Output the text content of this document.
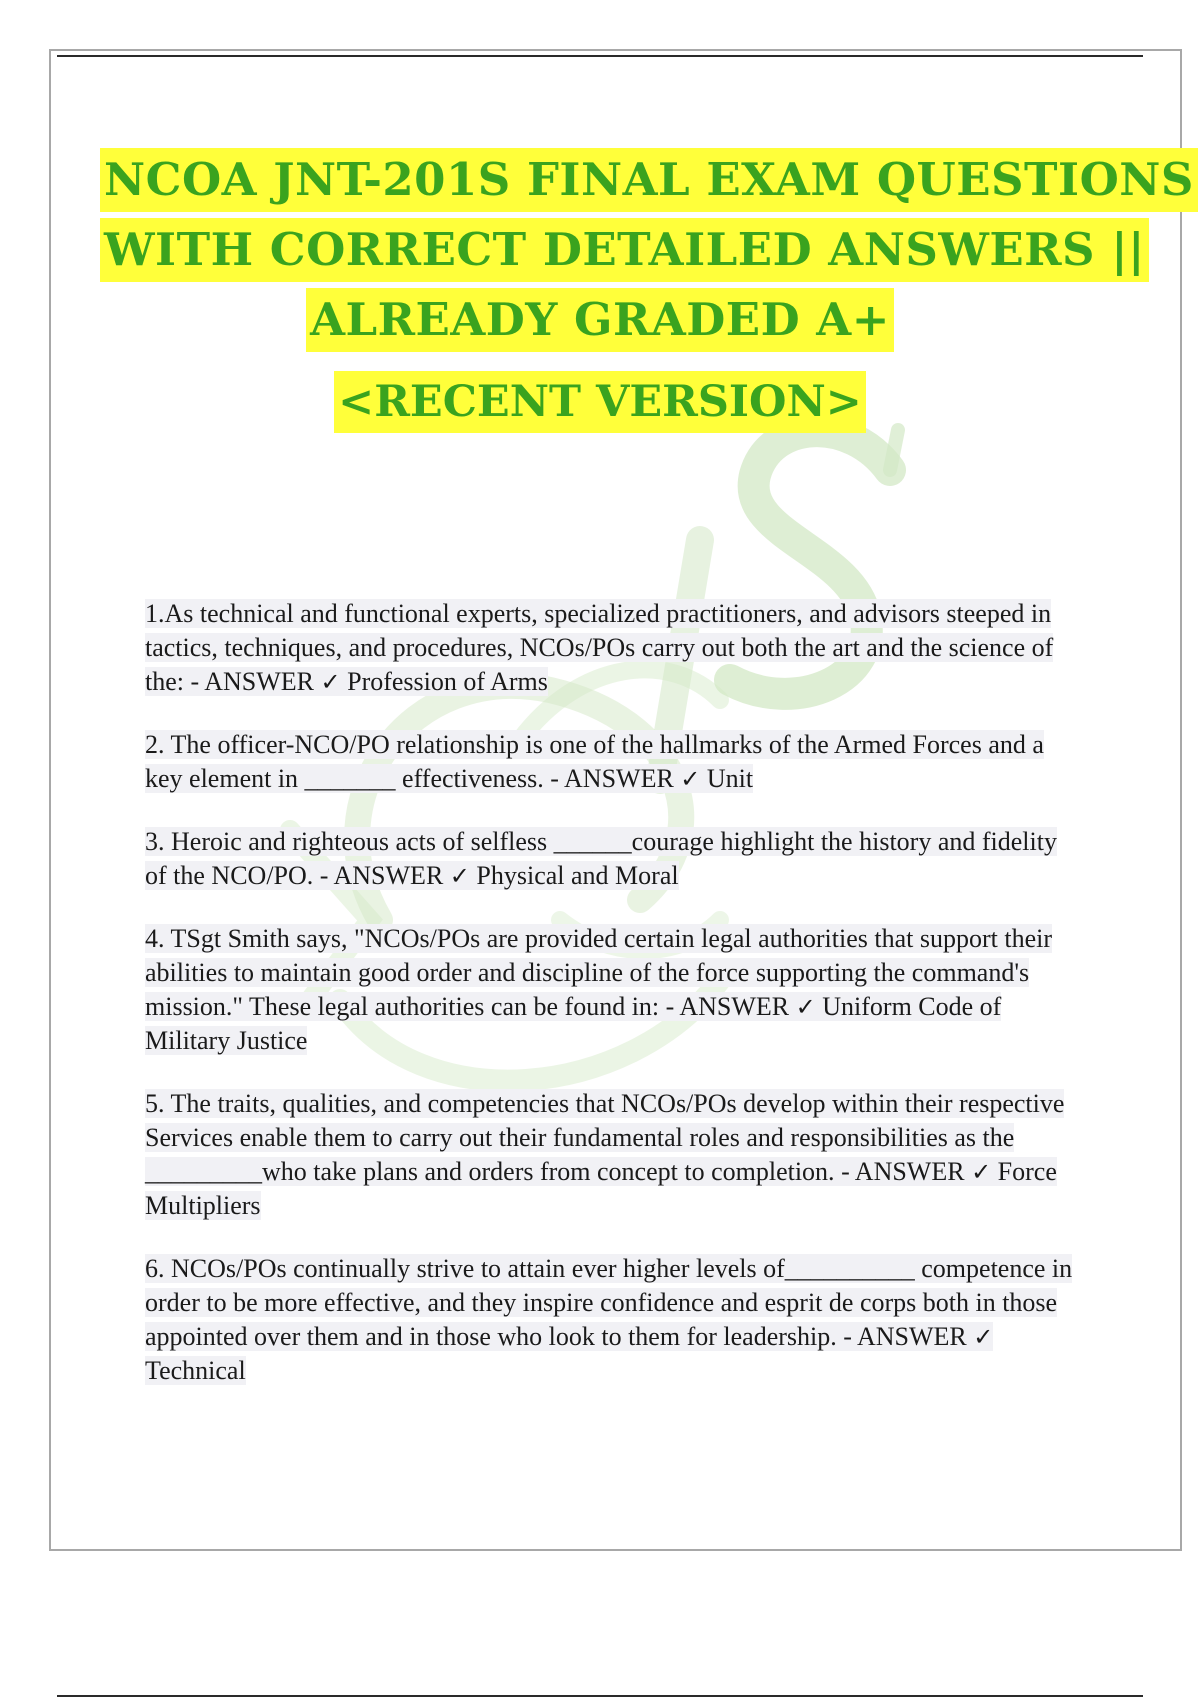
NCOA JNT-201S FINAL EXAM QUESTIONS
WITH CORRECT DETAILED ANSWERS ||
ALREADY GRADED A+
<RECENT VERSION>

1.As technical and functional experts, specialized practitioners, and advisors steeped in tactics, techniques, and procedures, NCOs/POs carry out both the art and the science of the: - ANSWER ✓ Profession of Arms

2. The officer-NCO/PO relationship is one of the hallmarks of the Armed Forces and a key element in _______ effectiveness. - ANSWER ✓ Unit

3. Heroic and righteous acts of selfless ______courage highlight the history and fidelity of the NCO/PO. - ANSWER ✓ Physical and Moral

4. TSgt Smith says, "NCOs/POs are provided certain legal authorities that support their abilities to maintain good order and discipline of the force supporting the command's mission." These legal authorities can be found in: - ANSWER ✓ Uniform Code of Military Justice

5. The traits, qualities, and competencies that NCOs/POs develop within their respective Services enable them to carry out their fundamental roles and responsibilities as the _________who take plans and orders from concept to completion. - ANSWER ✓ Force Multipliers

6. NCOs/POs continually strive to attain ever higher levels of__________ competence in order to be more effective, and they inspire confidence and esprit de corps both in those appointed over them and in those who look to them for leadership. - ANSWER ✓ Technical
